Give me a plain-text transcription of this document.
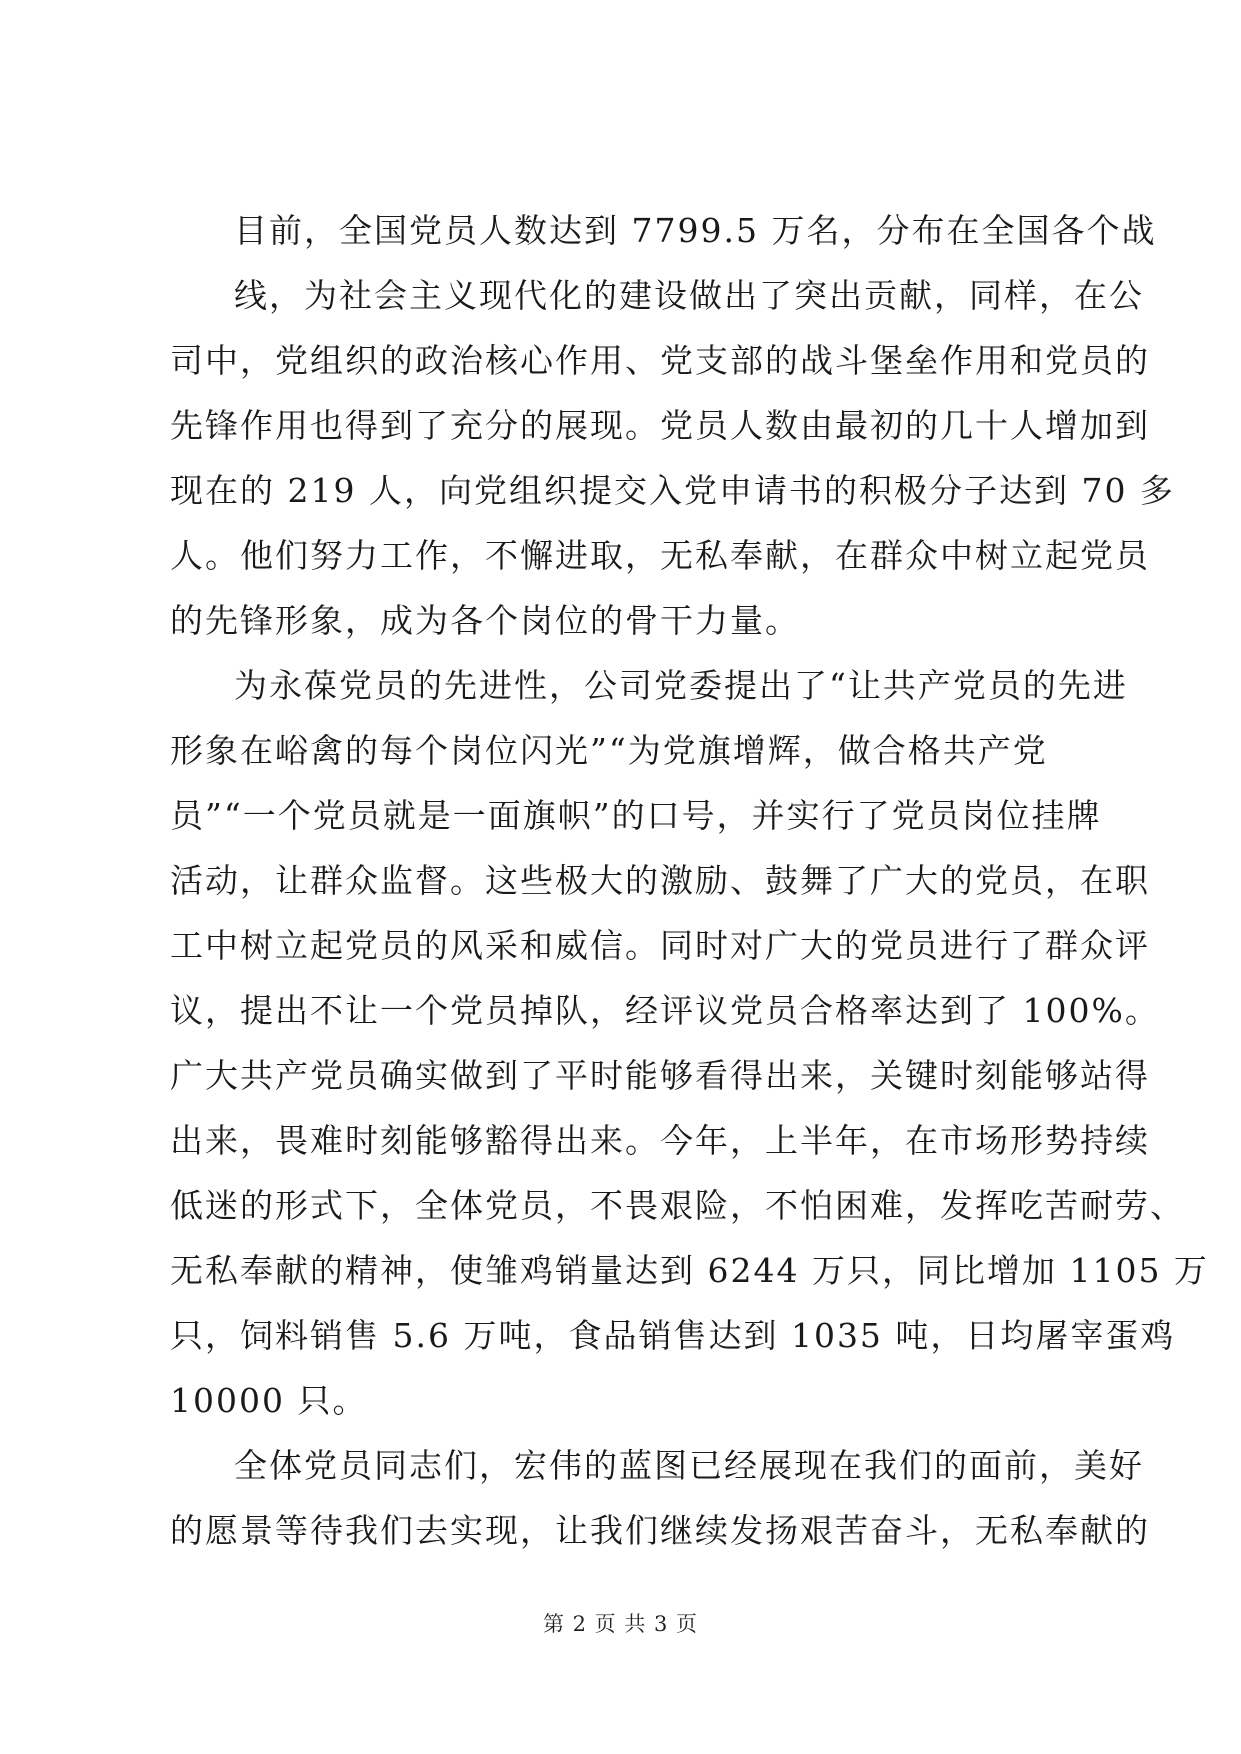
目前，全国党员人数达到 7799.5 万名，分布在全国各个战
线，为社会主义现代化的建设做出了突出贡献，同样，在公
司中，党组织的政治核心作用、党支部的战斗堡垒作用和党员的
先锋作用也得到了充分的展现。党员人数由最初的几十人增加到
现在的 219 人，向党组织提交入党申请书的积极分子达到 70 多
人。他们努力工作，不懈进取，无私奉献，在群众中树立起党员
的先锋形象，成为各个岗位的骨干力量。
为永葆党员的先进性，公司党委提出了“让共产党员的先进
形象在峪禽的每个岗位闪光”“为党旗增辉，做合格共产党
员”“一个党员就是一面旗帜”的口号，并实行了党员岗位挂牌
活动，让群众监督。这些极大的激励、鼓舞了广大的党员，在职
工中树立起党员的风采和威信。同时对广大的党员进行了群众评
议，提出不让一个党员掉队，经评议党员合格率达到了 100%。
广大共产党员确实做到了平时能够看得出来，关键时刻能够站得
出来，畏难时刻能够豁得出来。今年，上半年，在市场形势持续
低迷的形式下，全体党员，不畏艰险，不怕困难，发挥吃苦耐劳、
无私奉献的精神，使雏鸡销量达到 6244 万只，同比增加 1105 万
只，饲料销售 5.6 万吨，食品销售达到 1035 吨，日均屠宰蛋鸡
10000 只。
全体党员同志们，宏伟的蓝图已经展现在我们的面前，美好
的愿景等待我们去实现，让我们继续发扬艰苦奋斗，无私奉献的
第 2 页 共 3 页
